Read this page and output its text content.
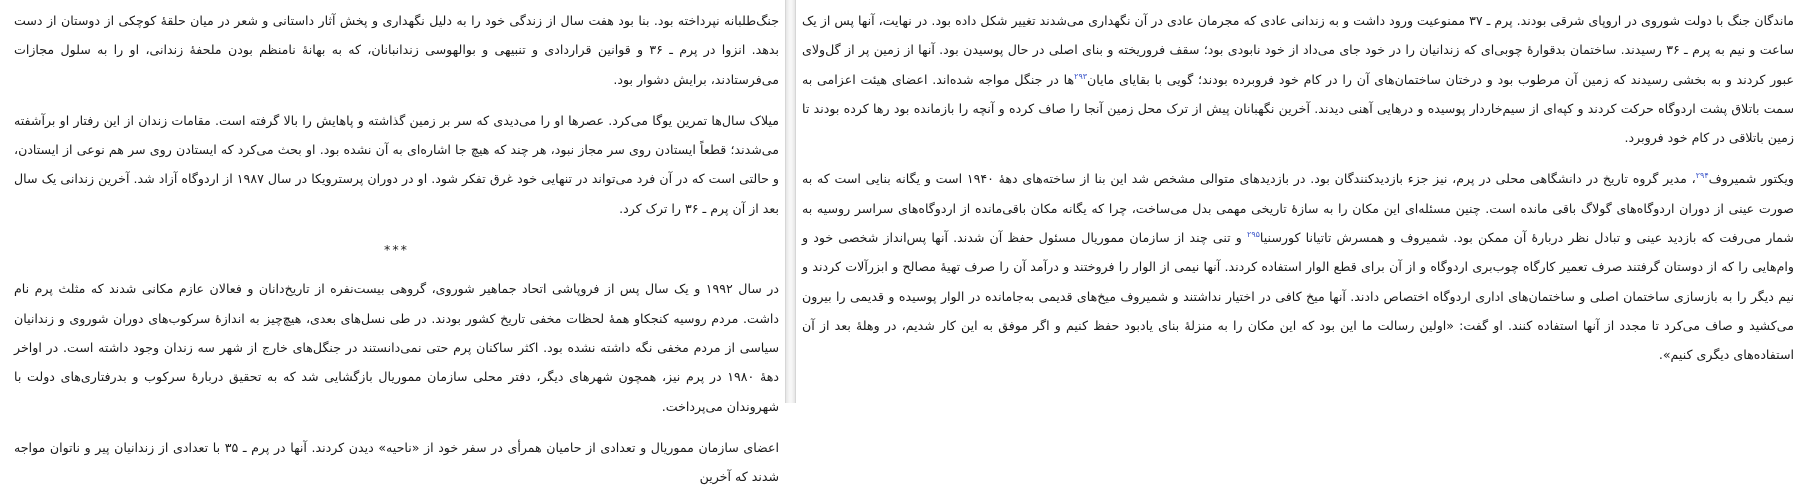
جنگ‌طلبانه نپرداخته بود. بنا بود هفت سال از زندگی خود را به دلیل نگهداری و پخش آثار داستانی و شعر در میان حلقهٔ کوچکی از دوستان از دست بدهد. انزوا در پرم ـ ۳۶ و قوانین قراردادی و تنبیهی و بوالهوسی زندانبانان، که به بهانهٔ نامنظم بودن ملحفهٔ زندانی، او را به سلول مجازات می‌فرستادند، برایش دشوار بود.

میلاک سال‌ها تمرین یوگا می‌کرد. عصرها او را می‌دیدی که سر بر زمین گذاشته و پاهایش را بالا گرفته است. مقامات زندان از این رفتار او برآشفته می‌شدند؛ قطعاً ایستادن روی سر مجاز نبود، هر چند که هیچ جا اشاره‌ای به آن نشده بود. او بحث می‌کرد که ایستادن روی سر هم نوعی از ایستادن، و حالتی است که در آن فرد می‌تواند در تنهایی خود غرق تفکر شود. او در دوران پرسترویکا در سال ۱۹۸۷ از اردوگاه آزاد شد. آخرین زندانی یک سال بعد از آن پرم ـ ۳۶ را ترک کرد.

***

در سال ۱۹۹۲ و یک سال پس از فروپاشی اتحاد جماهیر شوروی، گروهی بیست‌نفره از تاریخ‌دانان و فعالان عازم مکانی شدند که مثلث پرم نام داشت. مردم روسیه کنجکاو همهٔ لحظات مخفی تاریخ کشور بودند. در طی نسل‌های بعدی، هیچ‌چیز به اندازهٔ سرکوب‌های دوران شوروی و زندانیان سیاسی از مردم مخفی نگه داشته نشده بود. اکثر ساکنان پرم حتی نمی‌دانستند در جنگل‌های خارج از شهر سه زندان وجود داشته است. در اواخر دههٔ ۱۹۸۰ در پرم نیز، همچون شهرهای دیگر، دفتر محلی سازمان مموریال بازگشایی شد که به تحقیق دربارهٔ سرکوب و بدرفتاری‌های دولت با شهروندان می‌پرداخت.

اعضای سازمان مموریال و تعدادی از حامیان همرأی در سفر خود از «ناحیه» دیدن کردند. آنها در پرم ـ ۳۵ با تعدادی از زندانیان پیر و ناتوان مواجه شدند که آخرین

ماندگان جنگ با دولت شوروی در اروپای شرقی بودند. پرم ـ ۳۷ ممنوعیت ورود داشت و به زندانی عادی که مجرمان عادی در آن نگهداری می‌شدند تغییر شکل داده بود. در نهایت، آنها پس از یک ساعت و نیم به پرم ـ ۳۶ رسیدند. ساختمان بدقوارهٔ چوبی‌ای که زندانیان را در خود جای می‌داد از خود نابودی بود؛ سقف فروریخته و بنای اصلی در حال پوسیدن بود. آنها از زمین پر از گل‌ولای عبور کردند و به بخشی رسیدند که زمین آن مرطوب بود و درختان ساختمان‌های آن را در کام خود فروبرده بودند؛ گویی با بقایای مایان$^{۲۹۳}$ها در جنگل مواجه شده‌اند. اعضای هیئت اعزامی به سمت باتلاق پشت اردوگاه حرکت کردند و کپه‌ای از سیم‌خاردار پوسیده و درهایی آهنی دیدند. آخرین نگهبانان پیش از ترک محل زمین آنجا را صاف کرده و آنچه را بازمانده بود رها کرده بودند تا زمین باتلاقی در کام خود فروبرد.

ویکتور شمیروف$^{۲۹۴}$، مدیر گروه تاریخ در دانشگاهی محلی در پرم، نیز جزء بازدیدکنندگان بود. در بازدیدهای متوالی مشخص شد این بنا از ساخته‌های دههٔ ۱۹۴۰ است و یگانه بنایی است که به صورت عینی از دوران اردوگاه‌های گولاگ باقی مانده است. چنین مسئله‌ای این مکان را به سازهٔ تاریخی مهمی بدل می‌ساخت، چرا که یگانه مکان باقی‌مانده از اردوگاه‌های سراسر روسیه به شمار می‌رفت که بازدید عینی و تبادل نظر دربارهٔ آن ممکن بود. شمیروف و همسرش تاتیانا کورسنیا$^{۲۹۵}$ و تنی چند از سازمان مموریال مسئول حفظ آن شدند. آنها پس‌انداز شخصی خود و وام‌هایی را که از دوستان گرفتند صرف تعمیر کارگاه چوب‌بری اردوگاه و از آن برای قطع الوار استفاده کردند. آنها نیمی از الوار را فروختند و درآمد آن را صرف تهیهٔ مصالح و ابزرآلات کردند و نیم دیگر را به بازسازی ساختمان اصلی و ساختمان‌های اداری اردوگاه اختصاص دادند. آنها میخ کافی در اختیار نداشتند و شمیروف میخ‌های قدیمی به‌جامانده در الوار پوسیده و قدیمی را بیرون می‌کشید و صاف می‌کرد تا مجدد از آنها استفاده کنند. او گفت: «اولین رسالت ما این بود که این مکان را به منزلهٔ بنای یادبود حفظ کنیم و اگر موفق به این کار شدیم، در وهلهٔ بعد از آن استفاده‌های دیگری کنیم».
